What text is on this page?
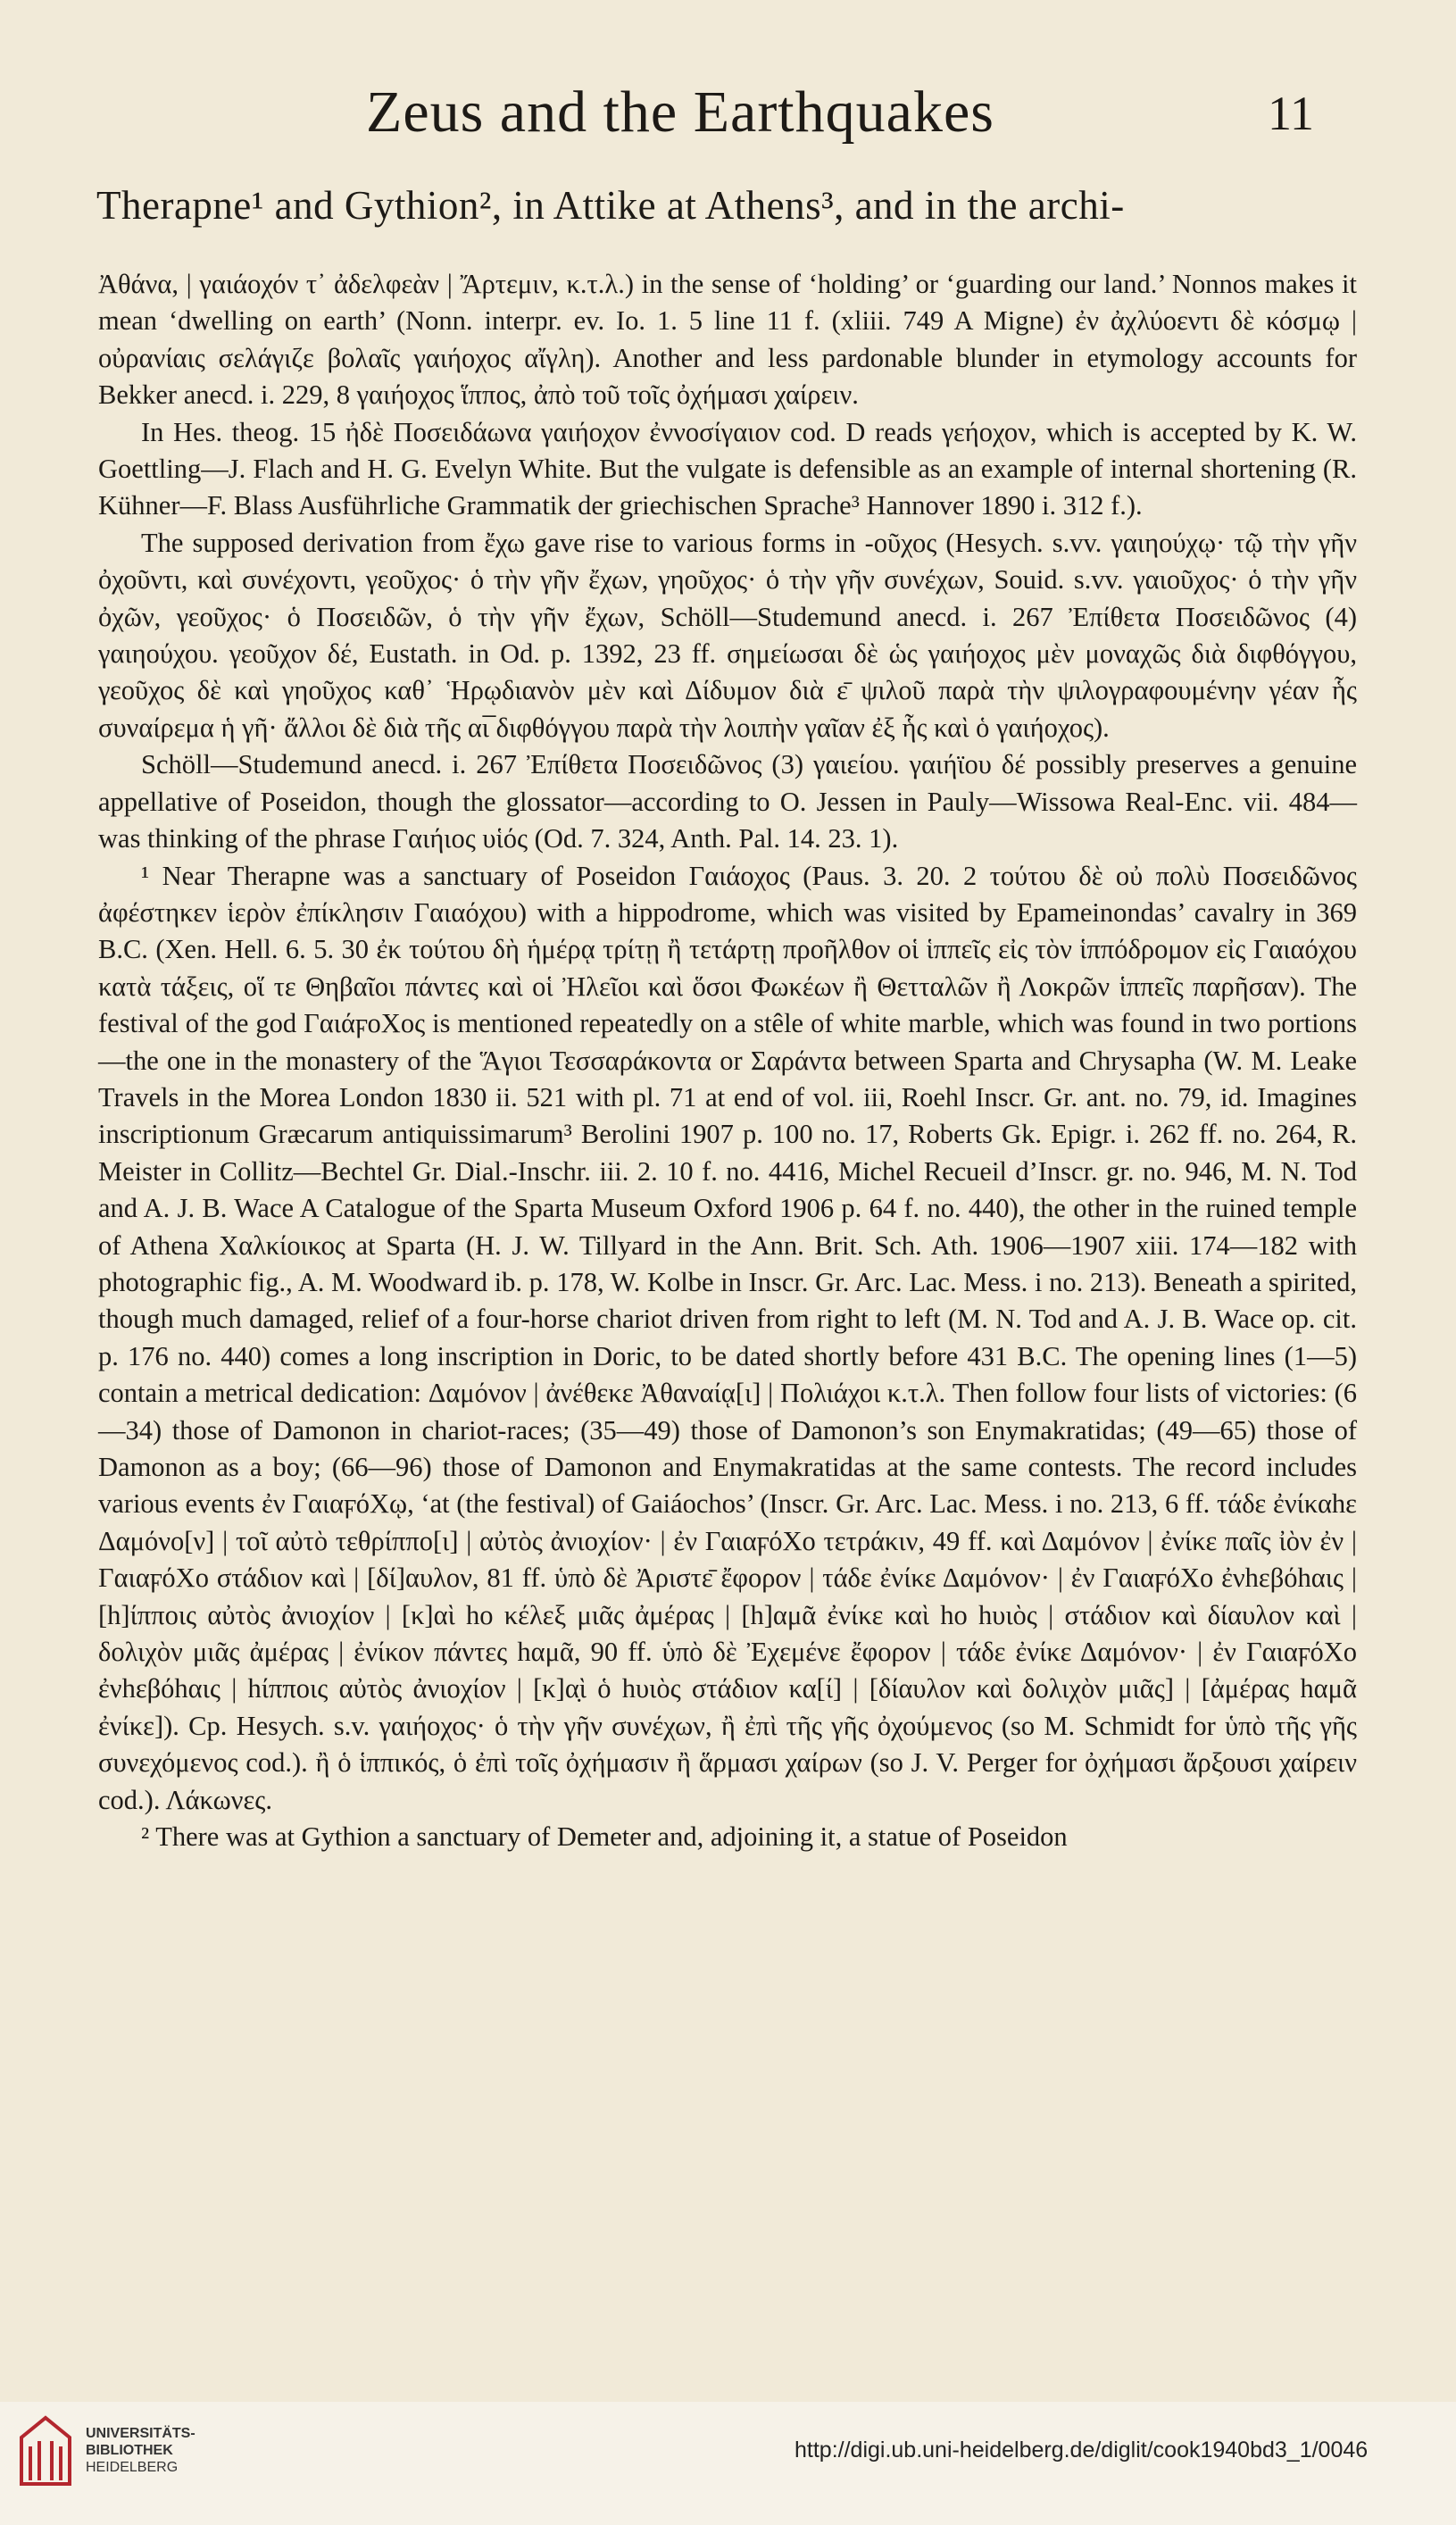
Zeus and the Earthquakes	11
Therapne¹ and Gythion², in Attike at Athens³, and in the archi-

Ἀθάνα, | γαιάοχόν τ᾽ ἀδελφεὰν | Ἄρτεμιν, κ.τ.λ.) in the sense of ‘holding’ or ‘guarding our land.’ Nonnos makes it mean ‘dwelling on earth’ (Nonn. interpr. ev. Io. 1. 5 line 11 f. (xliii. 749 A Migne) ἐν ἀχλύοεντι δὲ κόσμῳ | οὐρανίαις σελάγιζε βολαῖς γαιήοχος αἴγλη). Another and less pardonable blunder in etymology accounts for Bekker anecd. i. 229, 8 γαιήοχος ἵππος, ἀπὸ τοῦ τοῖς ὀχήμασι χαίρειν.

In Hes. theog. 15 ἠδὲ Ποσειδάωνα γαιήοχον ἐννοσίγαιον cod. D reads γεήοχον, which is accepted by K. W. Goettling—J. Flach and H. G. Evelyn White. But the vulgate is defensible as an example of internal shortening (R. Kühner—F. Blass Ausführliche Grammatik der griechischen Sprache³ Hannover 1890 i. 312 f.).

The supposed derivation from ἔχω gave rise to various forms in -οῦχος (Hesych. s.vv. γαιηούχῳ· τῷ τὴν γῆν ὀχοῦντι, καὶ συνέχοντι, γεοῦχος· ὁ τὴν γῆν ἔχων, γηοῦχος· ὁ τὴν γῆν συνέχων, Souid. s.vv. γαιοῦχος· ὁ τὴν γῆν ὀχῶν, γεοῦχος· ὁ Ποσειδῶν, ὁ τὴν γῆν ἔχων, Schöll—Studemund anecd. i. 267 Ἐπίθετα Ποσειδῶνος (4) γαιηούχου. γεοῦχον δέ, Eustath. in Od. p. 1392, 23 ff. σημείωσαι δὲ ὡς γαιήοχος μὲν μοναχῶς διὰ διφθόγγου, γεοῦχος δὲ καὶ γηοῦχος καθ᾽ Ἡρῳδιανὸν μὲν καὶ Δίδυμον διὰ ε̄ ψιλοῦ παρὰ τὴν ψιλογραφουμένην γέαν ἧς συναίρεμα ἡ γῆ· ἄλλοι δὲ διὰ τῆς αι̅ διφθόγγου παρὰ τὴν λοιπὴν γαῖαν ἐξ ἧς καὶ ὁ γαιήοχος).

Schöll—Studemund anecd. i. 267 Ἐπίθετα Ποσειδῶνος (3) γαιείου. γαιήϊου δέ possibly preserves a genuine appellative of Poseidon, though the glossator—according to O. Jessen in Pauly—Wissowa Real-Enc. vii. 484—was thinking of the phrase Γαιήιος υἱός (Od. 7. 324, Anth. Pal. 14. 23. 1).

¹ Near Therapne was a sanctuary of Poseidon Γαιάοχος (Paus. 3. 20. 2 τούτου δὲ οὐ πολὺ Ποσειδῶνος ἀφέστηκεν ἱερὸν ἐπίκλησιν Γαιαόχου) with a hippodrome, which was visited by Epameinondas’ cavalry in 369 B.C. (Xen. Hell. 6. 5. 30 ἐκ τούτου δὴ ἡμέρᾳ τρίτῃ ἢ τετάρτῃ προῆλθον οἱ ἱππεῖς εἰς τὸν ἱππόδρομον εἰς Γαιαόχου κατὰ τάξεις, οἵ τε Θηβαῖοι πάντες καὶ οἱ Ἠλεῖοι καὶ ὅσοι Φωκέων ἢ Θετταλῶν ἢ Λοκρῶν ἱππεῖς παρῆσαν). The festival of the god ΓαιάϝοΧος is mentioned repeatedly on a stêle of white marble, which was found in two portions—the one in the monastery of the Ἅγιοι Τεσσαράκοντα or Σαράντα between Sparta and Chrysapha (W. M. Leake Travels in the Morea London 1830 ii. 521 with pl. 71 at end of vol. iii, Roehl Inscr. Gr. ant. no. 79, id. Imagines inscriptionum Græcarum antiquissimarum³ Berolini 1907 p. 100 no. 17, Roberts Gk. Epigr. i. 262 ff. no. 264, R. Meister in Collitz—Bechtel Gr. Dial.-Inschr. iii. 2. 10 f. no. 4416, Michel Recueil d’Inscr. gr. no. 946, M. N. Tod and A. J. B. Wace A Catalogue of the Sparta Museum Oxford 1906 p. 64 f. no. 440), the other in the ruined temple of Athena Χαλκίοικος at Sparta (H. J. W. Tillyard in the Ann. Brit. Sch. Ath. 1906—1907 xiii. 174—182 with photographic fig., A. M. Woodward ib. p. 178, W. Kolbe in Inscr. Gr. Arc. Lac. Mess. i no. 213). Beneath a spirited, though much damaged, relief of a four-horse chariot driven from right to left (M. N. Tod and A. J. B. Wace op. cit. p. 176 no. 440) comes a long inscription in Doric, to be dated shortly before 431 B.C. The opening lines (1—5) contain a metrical dedication: Δαμόνον | ἀνέθεκε Ἀθαναίᾳ[ι] | Πολιάχοι κ.τ.λ. Then follow four lists of victories: (6—34) those of Damonon in chariot-races; (35—49) those of Damonon’s son Enymakratidas; (49—65) those of Damonon as a boy; (66—96) those of Damonon and Enymakratidas at the same contests. The record includes various events ἐν ΓαιαϝόΧῳ, ‘at (the festival) of Gaiáochos’ (Inscr. Gr. Arc. Lac. Mess. i no. 213, 6 ff. τάδε ἐνίκαhε Δαμόνο[ν] | τοῖ αὐτὸ τεθρίππο[ι] | αὐτὸς ἀνιοχίον· | ἐν ΓαιαϝόΧο τετράκιν, 49 ff. καὶ Δαμόνον | ἐνίκε παῖς ἰὸν ἐν | ΓαιαϝόΧο στάδιον καὶ | [δί]αυλον, 81 ff. ὑπὸ δὲ Ἀριστε̄ ἔφορον | τάδε ἐνίκε Δαμόνον· | ἐν ΓαιαϝόΧο ἐνhεβόhαις | [h]ίπποις αὐτὸς ἀνιοχίον | [κ]αὶ hο κέλεξ μιᾶς ἀμέρας | [h]αμᾶ ἐνίκε καὶ hο hυιὸς | στάδιον καὶ δίαυλον καὶ | δολιχὸν μιᾶς ἀμέρας | ἐνίκον πάντες hαμᾶ, 90 ff. ὑπὸ δὲ Ἐχεμένε ἔφορον | τάδε ἐνίκε Δαμόνον· | ἐν ΓαιαϝόΧο ἐνhεβόhαις | hίπποις αὐτὸς ἀνιοχίον | [κ]α̣ὶ ὁ hυιὸς στάδιον κα[ί] | [δίαυλον καὶ δολιχὸν μιᾶς] | [ἀμέρας hαμᾶ ἐνίκε]). Cp. Hesych. s.v. γαιήοχος· ὁ τὴν γῆν συνέχων, ἢ ἐπὶ τῆς γῆς ὀχούμενος (so M. Schmidt for ὑπὸ τῆς γῆς συνεχόμενος cod.). ἢ ὁ ἱππικός, ὁ ἐπὶ τοῖς ὀχήμασιν ἢ ἅρμασι χαίρων (so J. V. Perger for ὀχήμασι ἄρξουσι χαίρειν cod.). Λάκωνες.

² There was at Gythion a sanctuary of Demeter and, adjoining it, a statue of Poseidon

UNIVERSITÄTS-
BIBLIOTHEK
HEIDELBERG
http://digi.ub.uni-heidelberg.de/diglit/cook1940bd3_1/0046
